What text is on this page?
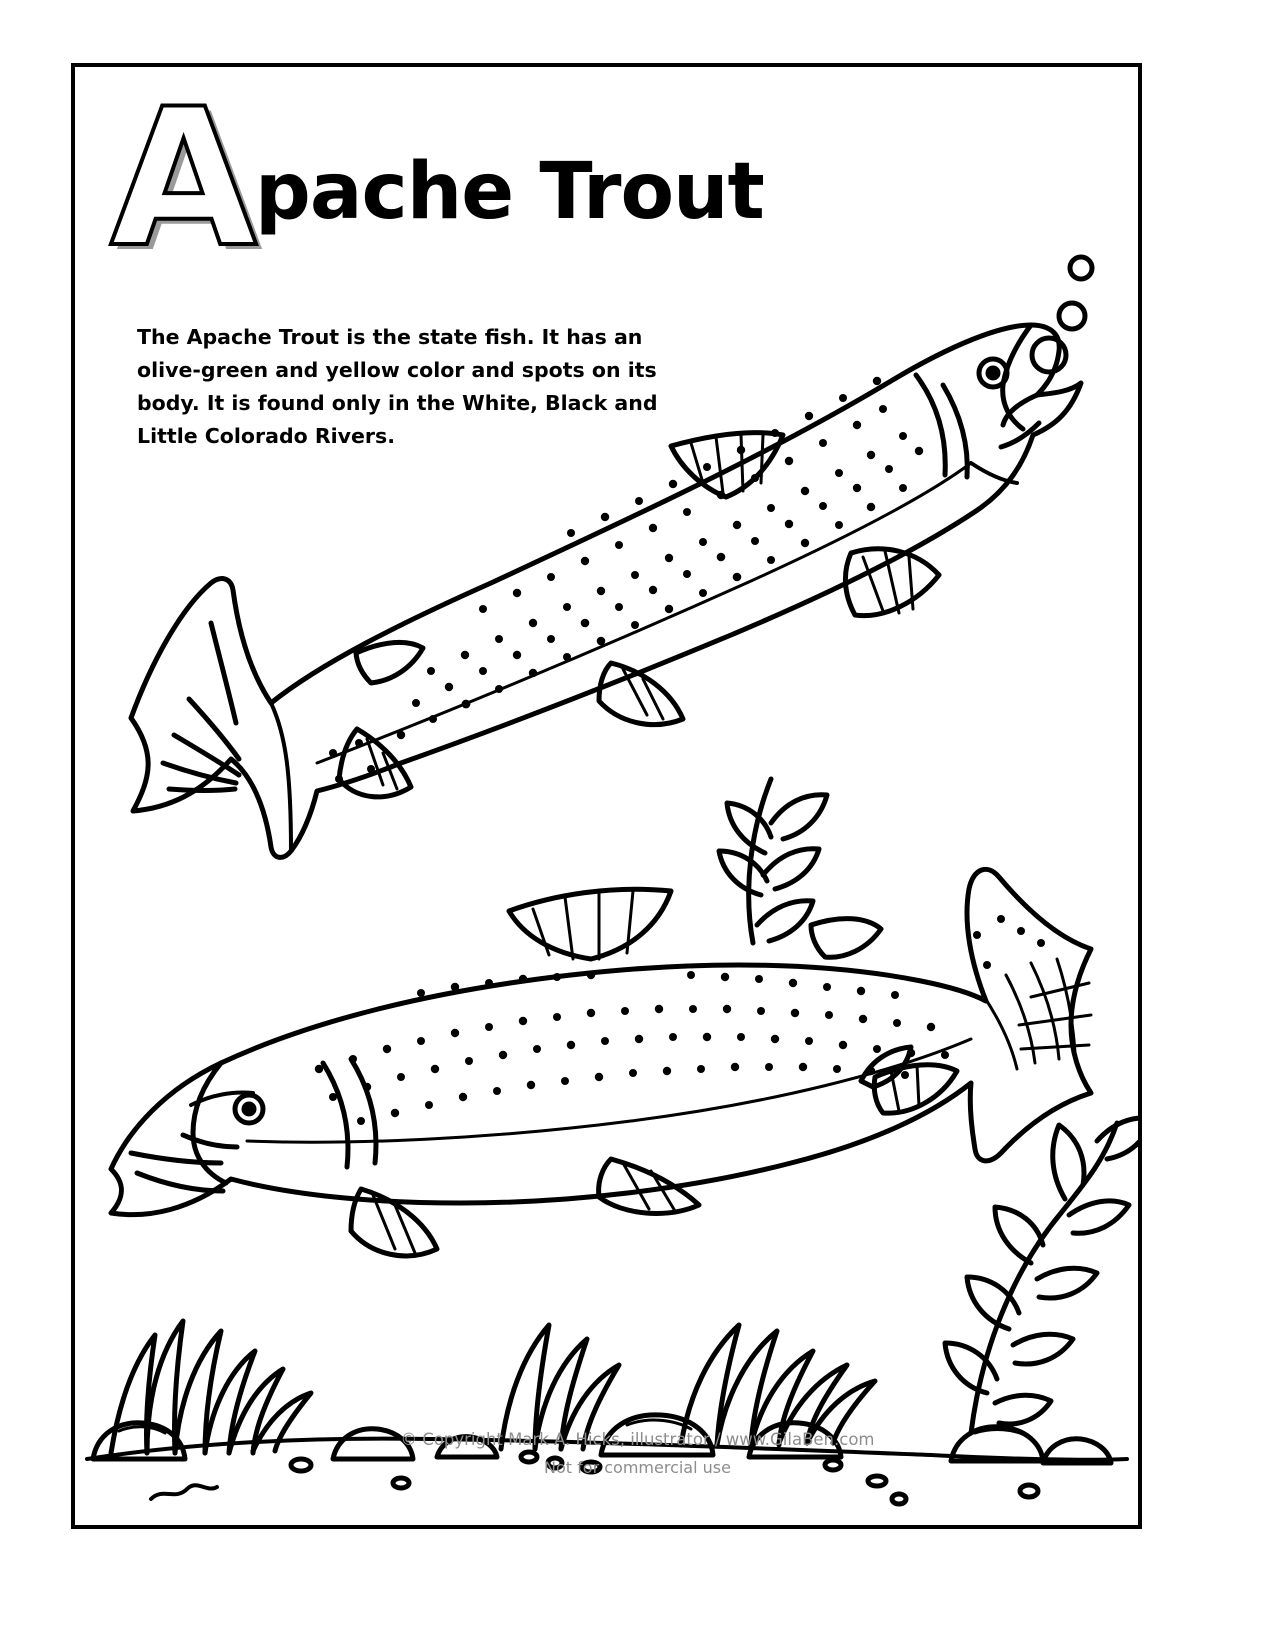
A pache Trout

The Apache Trout is the state fish. It has an olive-green and yellow color and spots on its body. It is found only in the White, Black and Little Colorado Rivers.

© Copyright Mark A. Hicks, illustrator / www.GilaBen.com
Not for commercial use
